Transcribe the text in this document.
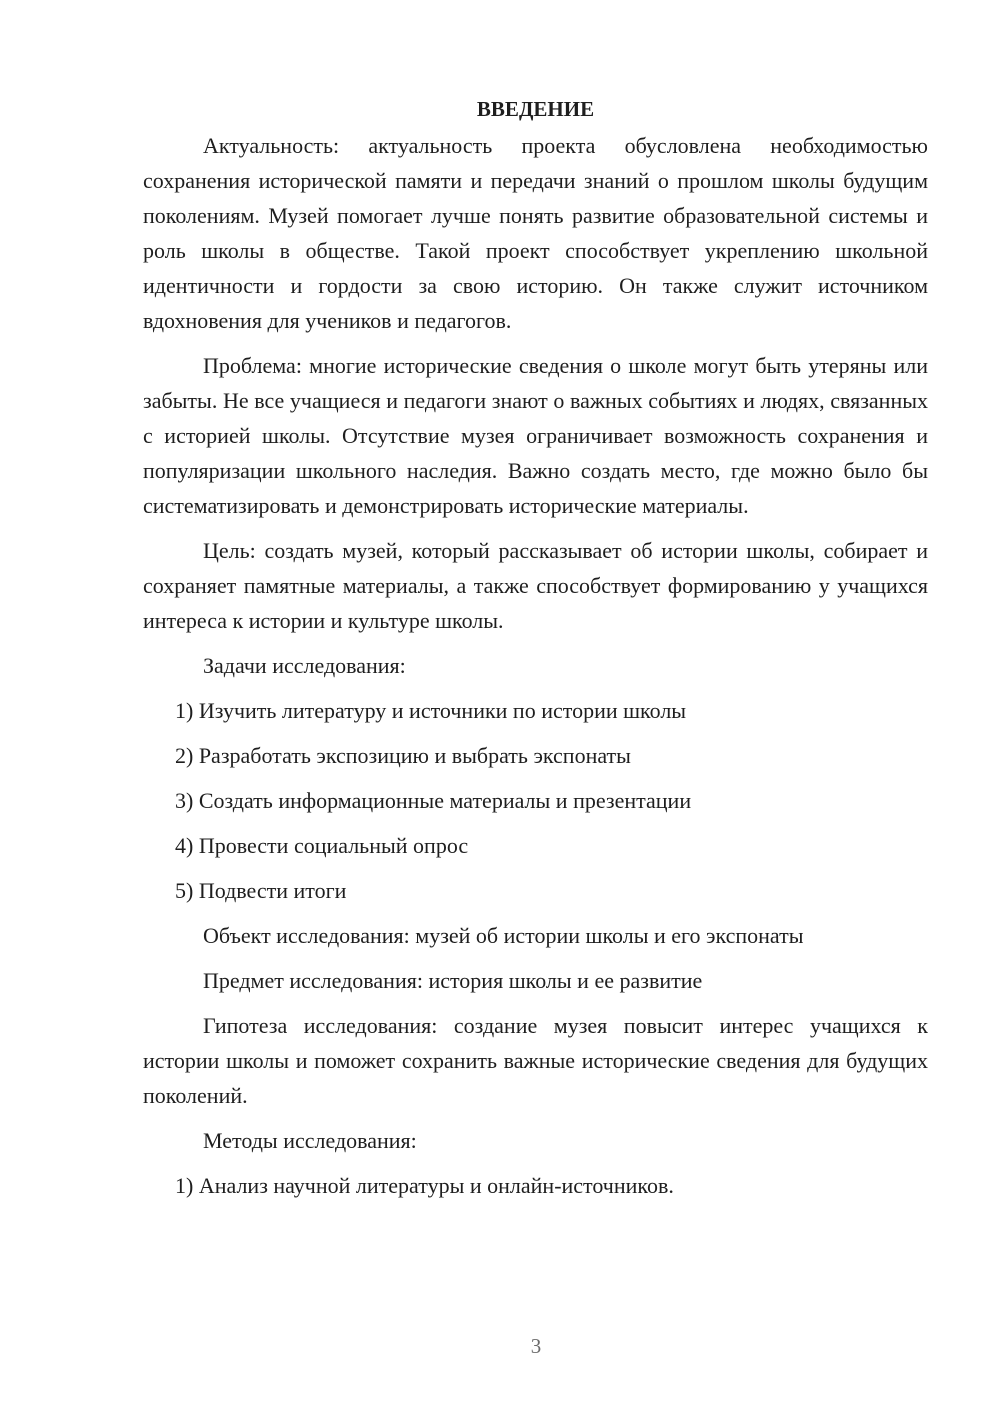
ВВЕДЕНИЕ

Актуальность: актуальность проекта обусловлена необходимостью сохранения исторической памяти и передачи знаний о прошлом школы будущим поколениям. Музей помогает лучше понять развитие образовательной системы и роль школы в обществе. Такой проект способствует укреплению школьной идентичности и гордости за свою историю. Он также служит источником вдохновения для учеников и педагогов.

Проблема: многие исторические сведения о школе могут быть утеряны или забыты. Не все учащиеся и педагоги знают о важных событиях и людях, связанных с историей школы. Отсутствие музея ограничивает возможность сохранения и популяризации школьного наследия. Важно создать место, где можно было бы систематизировать и демонстрировать исторические материалы.

Цель: создать музей, который рассказывает об истории школы, собирает и сохраняет памятные материалы, а также способствует формированию у учащихся интереса к истории и культуре школы.

Задачи исследования:
1) Изучить литературу и источники по истории школы
2) Разработать экспозицию и выбрать экспонаты
3) Создать информационные материалы и презентации
4) Провести социальный опрос
5) Подвести итоги
Объект исследования: музей об истории школы и его экспонаты
Предмет исследования: история школы и ее развитие

Гипотеза исследования: создание музея повысит интерес учащихся к истории школы и поможет сохранить важные исторические сведения для будущих поколений.

Методы исследования:
1) Анализ научной литературы и онлайн-источников.
3
